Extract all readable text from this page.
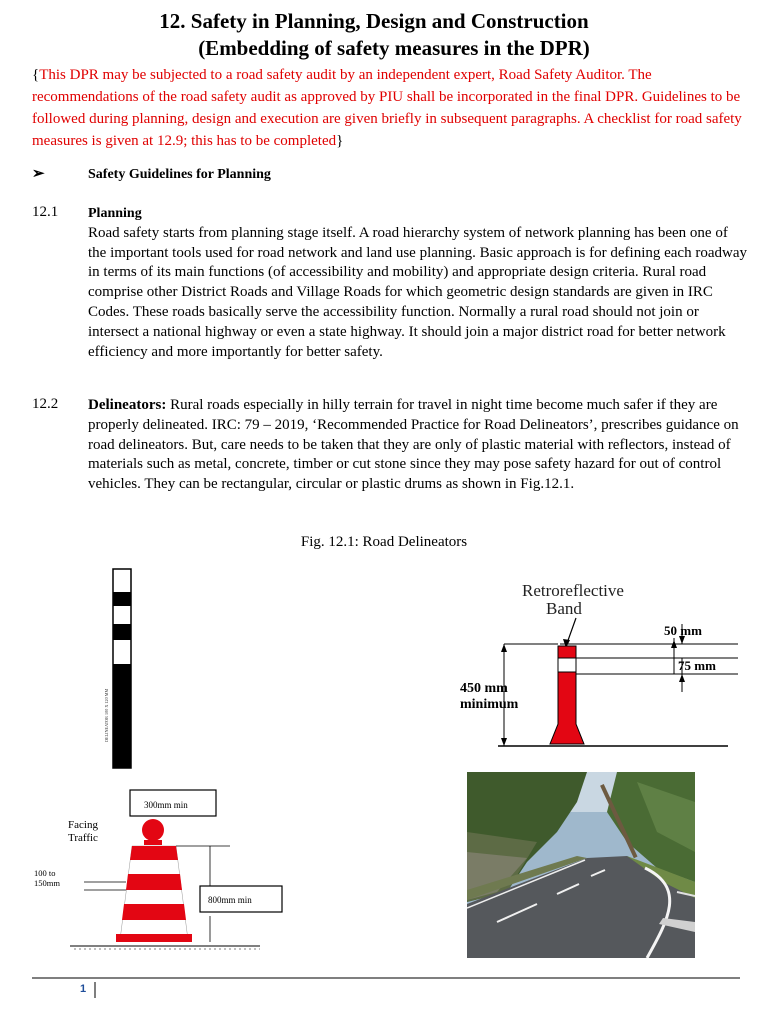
12. Safety in Planning, Design and Construction
(Embedding of safety measures in the DPR)
{This DPR may be subjected to a road safety audit by an independent expert, Road Safety Auditor. The recommendations of the road safety audit as approved by PIU shall be incorporated in the final DPR. Guidelines to be followed during planning, design and execution are given briefly in subsequent paragraphs. A checklist for road safety measures is given at 12.9; this has to be completed}
➢	Safety Guidelines for Planning
12.1 Planning
Road safety starts from planning stage itself. A road hierarchy system of network planning has been one of the important tools used for road network and land use planning. Basic approach is for defining each roadway in terms of its main functions (of accessibility and mobility) and appropriate design criteria. Rural road comprise other District Roads and Village Roads for which geometric design standards are given in IRC Codes. These roads basically serve the accessibility function. Normally a rural road should not join or intersect a national highway or even a state highway. It should join a major district road for better network efficiency and more importantly for better safety.
12.2 Delineators: Rural roads especially in hilly terrain for travel in night time become much safer if they are properly delineated. IRC: 79 – 2019, ‘Recommended Practice for Road Delineators’, prescribes guidance on road delineators. But, care needs to be taken that they are only of plastic material with reflectors, instead of materials such as metal, concrete, timber or cut stone since they may pose safety hazard for out of control vehicles. They can be rectangular, circular or plastic drums as shown in Fig.12.1.
Fig. 12.1: Road Delineators
DELINEATOR 100 X 120 MM
Retroreflective
Band
50 mm
75 mm
450 mm
minimum
300mm min
Facing
Traffic
800mm min
100 to
150mm
1
